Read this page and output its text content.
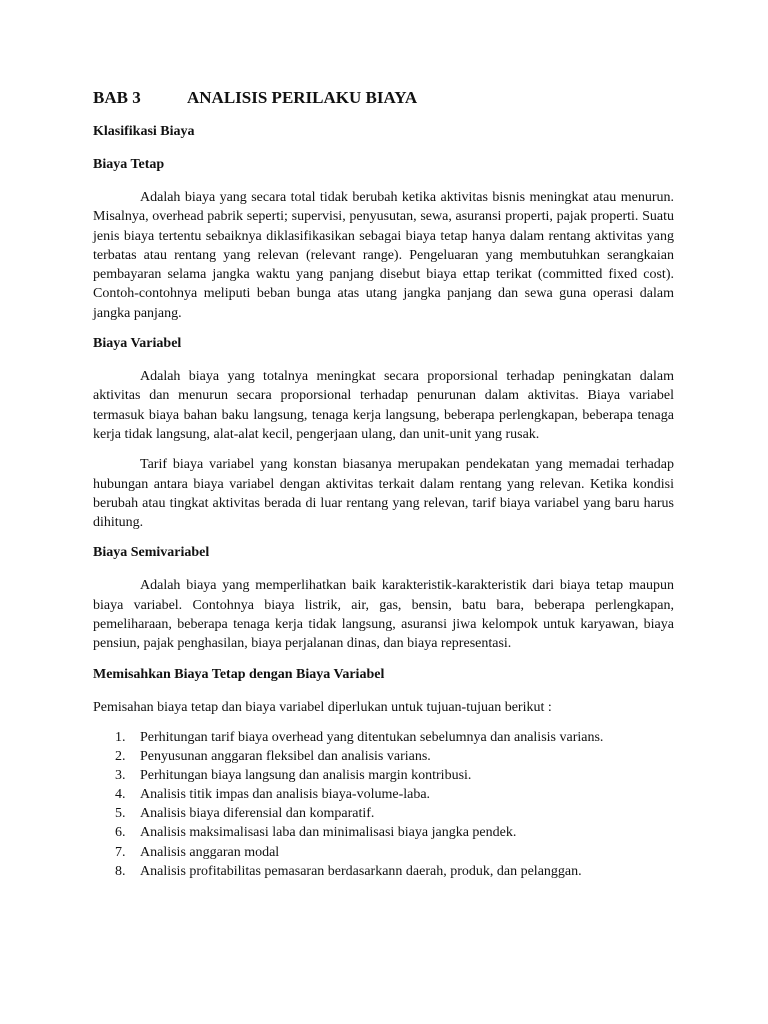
BAB 3	ANALISIS PERILAKU BIAYA
Klasifikasi Biaya
Biaya Tetap

Adalah biaya yang secara total tidak berubah ketika aktivitas bisnis meningkat atau menurun. Misalnya, overhead pabrik seperti; supervisi, penyusutan, sewa, asuransi properti, pajak properti. Suatu jenis biaya tertentu sebaiknya diklasifikasikan sebagai biaya tetap hanya dalam rentang aktivitas yang terbatas atau rentang yang relevan (relevant range). Pengeluaran yang membutuhkan serangkaian pembayaran selama jangka waktu yang panjang disebut biaya ettap terikat (committed fixed cost). Contoh-contohnya meliputi beban bunga atas utang jangka panjang dan sewa guna operasi dalam jangka panjang.

Biaya Variabel

Adalah biaya yang totalnya meningkat secara proporsional terhadap peningkatan dalam aktivitas dan menurun secara proporsional terhadap penurunan dalam aktivitas. Biaya variabel termasuk biaya bahan baku langsung, tenaga kerja langsung, beberapa perlengkapan, beberapa tenaga kerja tidak langsung, alat-alat kecil, pengerjaan ulang, dan unit-unit yang rusak.

Tarif biaya variabel yang konstan biasanya merupakan pendekatan yang memadai terhadap hubungan antara biaya variabel dengan aktivitas terkait dalam rentang yang relevan. Ketika kondisi berubah atau tingkat aktivitas berada di luar rentang yang relevan, tarif biaya variabel yang baru harus dihitung.

Biaya Semivariabel

Adalah biaya yang memperlihatkan baik karakteristik-karakteristik dari biaya tetap maupun biaya variabel. Contohnya biaya listrik, air, gas, bensin, batu bara, beberapa perlengkapan, pemeliharaan, beberapa tenaga kerja tidak langsung, asuransi jiwa kelompok untuk karyawan, biaya pensiun, pajak penghasilan, biaya perjalanan dinas, dan biaya representasi.

Memisahkan Biaya Tetap dengan Biaya Variabel

Pemisahan biaya tetap dan biaya variabel diperlukan untuk tujuan-tujuan berikut :

1. Perhitungan tarif biaya overhead yang ditentukan sebelumnya dan analisis varians.
2. Penyusunan anggaran fleksibel dan analisis varians.
3. Perhitungan biaya langsung dan analisis margin kontribusi.
4. Analisis titik impas dan analisis biaya-volume-laba.
5. Analisis biaya diferensial dan komparatif.
6. Analisis maksimalisasi laba dan minimalisasi biaya jangka pendek.
7. Analisis anggaran modal
8. Analisis profitabilitas pemasaran berdasarkann daerah, produk, dan pelanggan.
